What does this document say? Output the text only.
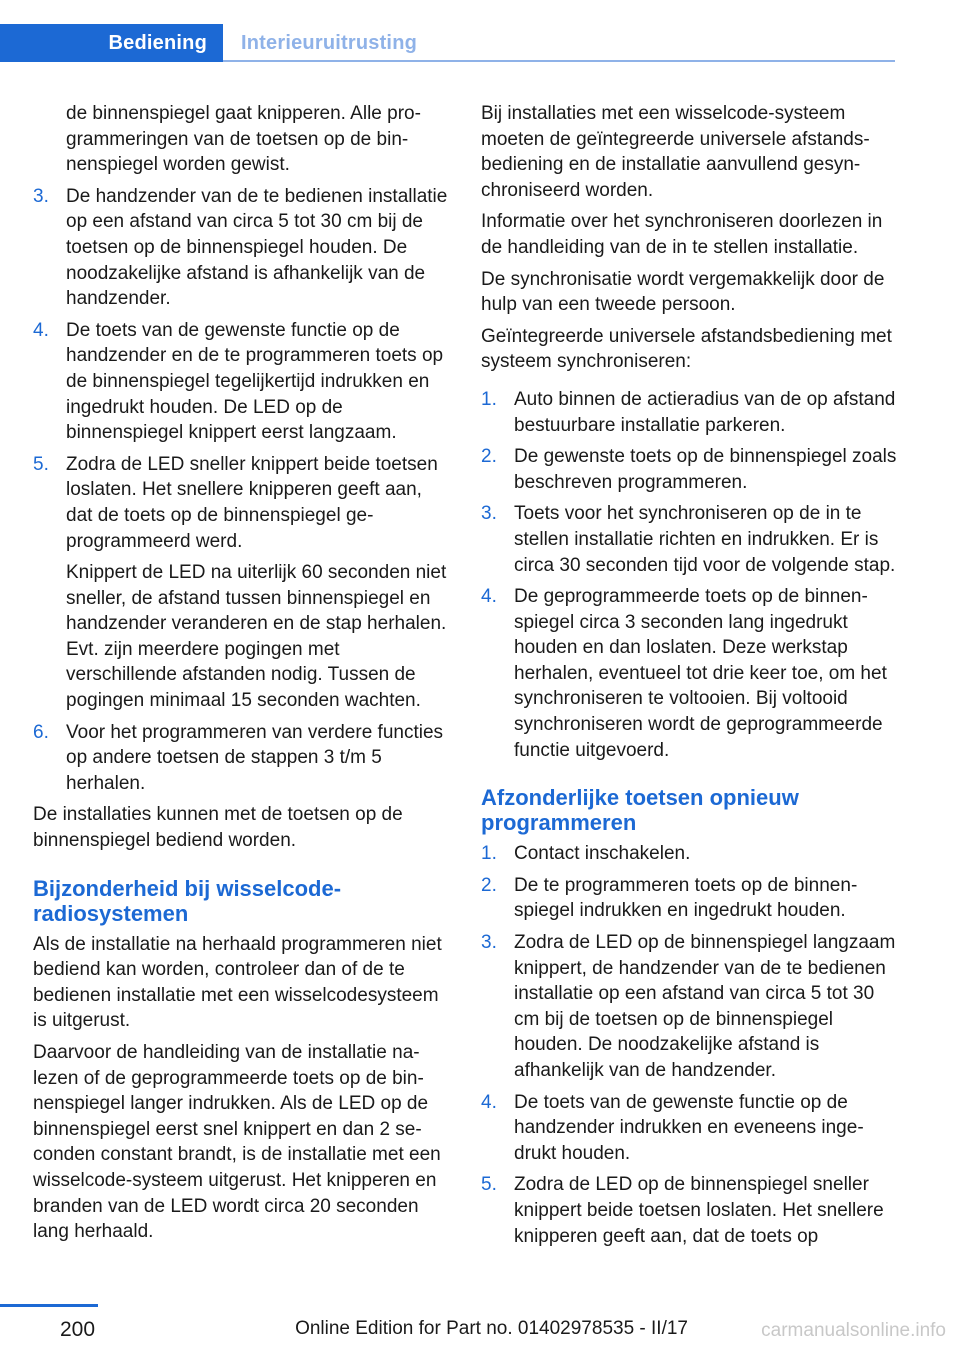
Bediening	Interieuruitrusting

de binnenspiegel gaat knipperen. Alle programmeringen van de toetsen op de binnenspiegel worden gewist.

3. De handzender van de te bedienen installatie op een afstand van circa 5 tot 30 cm bij de toetsen op de binnenspiegel houden. De noodzakelijke afstand is afhankelijk van de handzender.
4. De toets van de gewenste functie op de handzender en de te programmeren toets op de binnenspiegel tegelijkertijd indrukken en ingedrukt houden. De LED op de binnenspiegel knippert eerst langzaam.
5. Zodra de LED sneller knippert beide toetsen loslaten. Het snellere knipperen geeft aan, dat de toets op de binnenspiegel geprogrammeerd werd.
Knippert de LED na uiterlijk 60 seconden niet sneller, de afstand tussen binnenspiegel en handzender veranderen en de stap herhalen. Evt. zijn meerdere pogingen met verschillende afstanden nodig. Tussen de pogingen minimaal 15 seconden wachten.
6. Voor het programmeren van verdere functies op andere toetsen de stappen 3 t/m 5 herhalen.

De installaties kunnen met de toetsen op de binnenspiegel bediend worden.

Bijzonderheid bij wisselcoderadiosystemen

Als de installatie na herhaald programmeren niet bediend kan worden, controleer dan of de te bedienen installatie met een wisselcodesysteem is uitgerust.

Daarvoor de handleiding van de installatie nalezen of de geprogrammeerde toets op de binnenspiegel langer indrukken. Als de LED op de binnenspiegel eerst snel knippert en dan 2 seconden constant brandt, is de installatie met een wisselcode-systeem uitgerust. Het knipperen en branden van de LED wordt circa 20 seconden lang herhaald.

Bij installaties met een wisselcode-systeem moeten de geïntegreerde universele afstandsbediening en de installatie aanvullend gesynchroniseerd worden.

Informatie over het synchroniseren doorlezen in de handleiding van de in te stellen installatie.

De synchronisatie wordt vergemakkelijk door de hulp van een tweede persoon.

Geïntegreerde universele afstandsbediening met systeem synchroniseren:

1. Auto binnen de actieradius van de op afstand bestuurbare installatie parkeren.
2. De gewenste toets op de binnenspiegel zoals beschreven programmeren.
3. Toets voor het synchroniseren op de in te stellen installatie richten en indrukken. Er is circa 30 seconden tijd voor de volgende stap.
4. De geprogrammeerde toets op de binnenspiegel circa 3 seconden lang ingedrukt houden en dan loslaten. Deze werkstap herhalen, eventueel tot drie keer toe, om het synchroniseren te voltooien. Bij voltooid synchroniseren wordt de geprogrammeerde functie uitgevoerd.
Afzonderlijke toetsen opnieuw programmeren
1. Contact inschakelen.
2. De te programmeren toets op de binnenspiegel indrukken en ingedrukt houden.
3. Zodra de LED op de binnenspiegel langzaam knippert, de handzender van de te bedienen installatie op een afstand van circa 5 tot 30 cm bij de toetsen op de binnenspiegel houden. De noodzakelijke afstand is afhankelijk van de handzender.
4. De toets van de gewenste functie op de handzender indrukken en eveneens ingedrukt houden.
5. Zodra de LED op de binnenspiegel sneller knippert beide toetsen loslaten. Het snellere knipperen geeft aan, dat de toets op
200	Online Edition for Part no. 01402978535 - II/17	carmanualsonline.info
